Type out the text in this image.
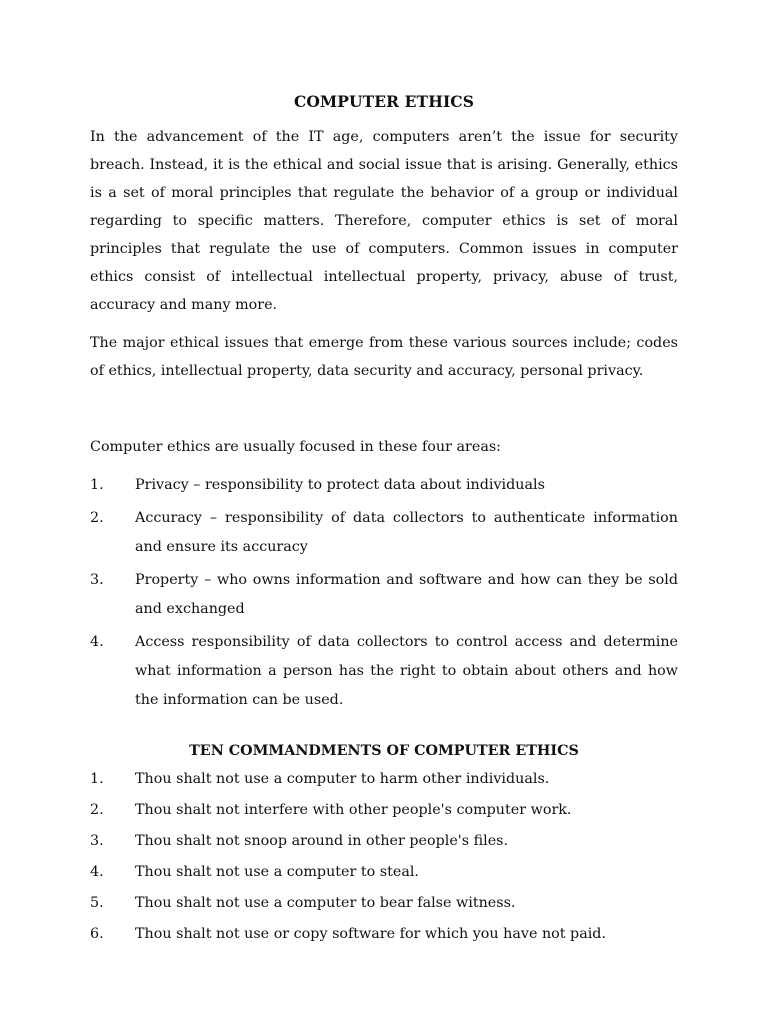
COMPUTER ETHICS

In the advancement of the IT age, computers aren’t the issue for security breach. Instead, it is the ethical and social issue that is arising. Generally, ethics is a set of moral principles that regulate the behavior of a group or individual regarding to specific matters. Therefore, computer ethics is set of moral principles that regulate the use of computers. Common issues in computer ethics consist of intellectual intellectual property, privacy, abuse of trust, accuracy and many more.

The major ethical issues that emerge from these various sources include; codes of ethics, intellectual property, data security and accuracy, personal privacy.

Computer ethics are usually focused in these four areas:

1.	Privacy – responsibility to protect data about individuals
2.	Accuracy – responsibility of data collectors to authenticate information and ensure its accuracy
3.	Property – who owns information and software and how can they be sold and exchanged
4.	Access responsibility of data collectors to control access and determine what information a person has the right to obtain about others and how the information can be used.
TEN COMMANDMENTS OF COMPUTER ETHICS
1.	Thou shalt not use a computer to harm other individuals.
2.	Thou shalt not interfere with other people's computer work.
3.	Thou shalt not snoop around in other people's files.
4.	Thou shalt not use a computer to steal.
5.	Thou shalt not use a computer to bear false witness.
6.	Thou shalt not use or copy software for which you have not paid.
